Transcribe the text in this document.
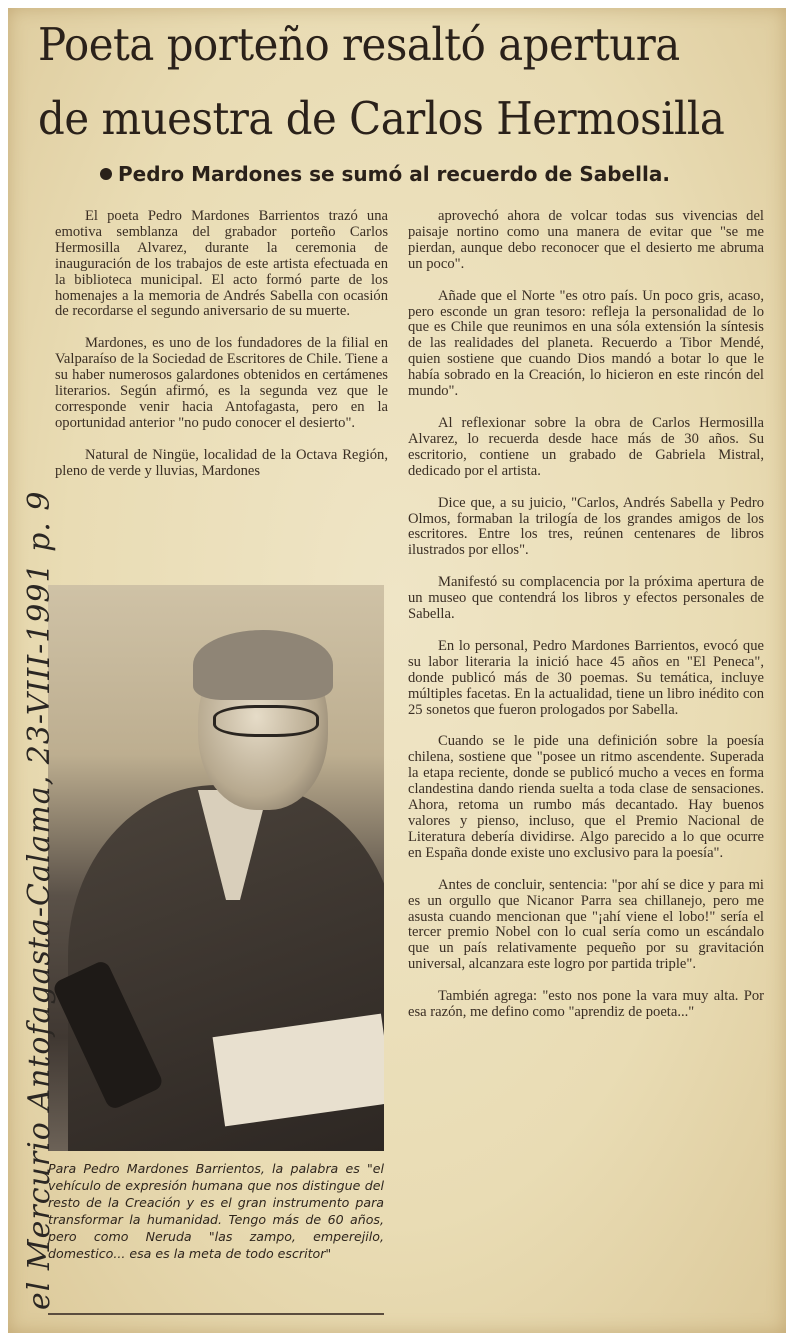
Poeta porteño resaltó apertura
de muestra de Carlos Hermosilla
Pedro Mardones se sumó al recuerdo de Sabella.

El poeta Pedro Mardones Barrientos trazó una emotiva semblanza del grabador porteño Carlos Hermosilla Alvarez, durante la ceremonia de inauguración de los trabajos de este artista efectuada en la biblioteca municipal. El acto formó parte de los homenajes a la memoria de Andrés Sabella con ocasión de recordarse el segundo aniversario de su muerte.

Mardones, es uno de los fundadores de la filial en Valparaíso de la Sociedad de Escritores de Chile. Tiene a su haber numerosos galardones obtenidos en certámenes literarios. Según afirmó, es la segunda vez que le corresponde venir hacia Antofagasta, pero en la oportunidad anterior "no pudo conocer el desierto".

Natural de Ningüe, localidad de la Octava Región, pleno de verde y lluvias, Mardones

Para Pedro Mardones Barrientos, la palabra es "el vehículo de expresión humana que nos distingue del resto de la Creación y es el gran instrumento para transformar la humanidad. Tengo más de 60 años, pero como Neruda "las zampo, emperejilo, domestico... esa es la meta de todo escritor"

aprovechó ahora de volcar todas sus vivencias del paisaje nortino como una manera de evitar que "se me pierdan, aunque debo reconocer que el desierto me abruma un poco".

Añade que el Norte "es otro país. Un poco gris, acaso, pero esconde un gran tesoro: refleja la personalidad de lo que es Chile que reunimos en una sóla extensión la síntesis de las realidades del planeta. Recuerdo a Tibor Mendé, quien sostiene que cuando Dios mandó a botar lo que le había sobrado en la Creación, lo hicieron en este rincón del mundo".

Al reflexionar sobre la obra de Carlos Hermosilla Alvarez, lo recuerda desde hace más de 30 años. Su escritorio, contiene un grabado de Gabriela Mistral, dedicado por el artista.

Dice que, a su juicio, "Carlos, Andrés Sabella y Pedro Olmos, formaban la trilogía de los grandes amigos de los escritores. Entre los tres, reúnen centenares de libros ilustrados por ellos".

Manifestó su complacencia por la próxima apertura de un museo que contendrá los libros y efectos personales de Sabella.

En lo personal, Pedro Mardones Barrientos, evocó que su labor literaria la inició hace 45 años en "El Peneca", donde publicó más de 30 poemas. Su temática, incluye múltiples facetas. En la actualidad, tiene un libro inédito con 25 sonetos que fueron prologados por Sabella.

Cuando se le pide una definición sobre la poesía chilena, sostiene que "posee un ritmo ascendente. Superada la etapa reciente, donde se publicó mucho a veces en forma clandestina dando rienda suelta a toda clase de sensaciones. Ahora, retoma un rumbo más decantado. Hay buenos valores y pienso, incluso, que el Premio Nacional de Literatura debería dividirse. Algo parecido a lo que ocurre en España donde existe uno exclusivo para la poesía".

Antes de concluir, sentencia: "por ahí se dice y para mi es un orgullo que Nicanor Parra sea chillanejo, pero me asusta cuando mencionan que "¡ahí viene el lobo!" sería el tercer premio Nobel con lo cual sería como un escándalo que un país relativamente pequeño por su gravitación universal, alcanzara este logro por partida triple".

También agrega: "esto nos pone la vara muy alta. Por esa razón, me defino como "aprendiz de poeta..."

el Mercurio Antofagasta-Calama, 23-VIII-1991 p. 9
